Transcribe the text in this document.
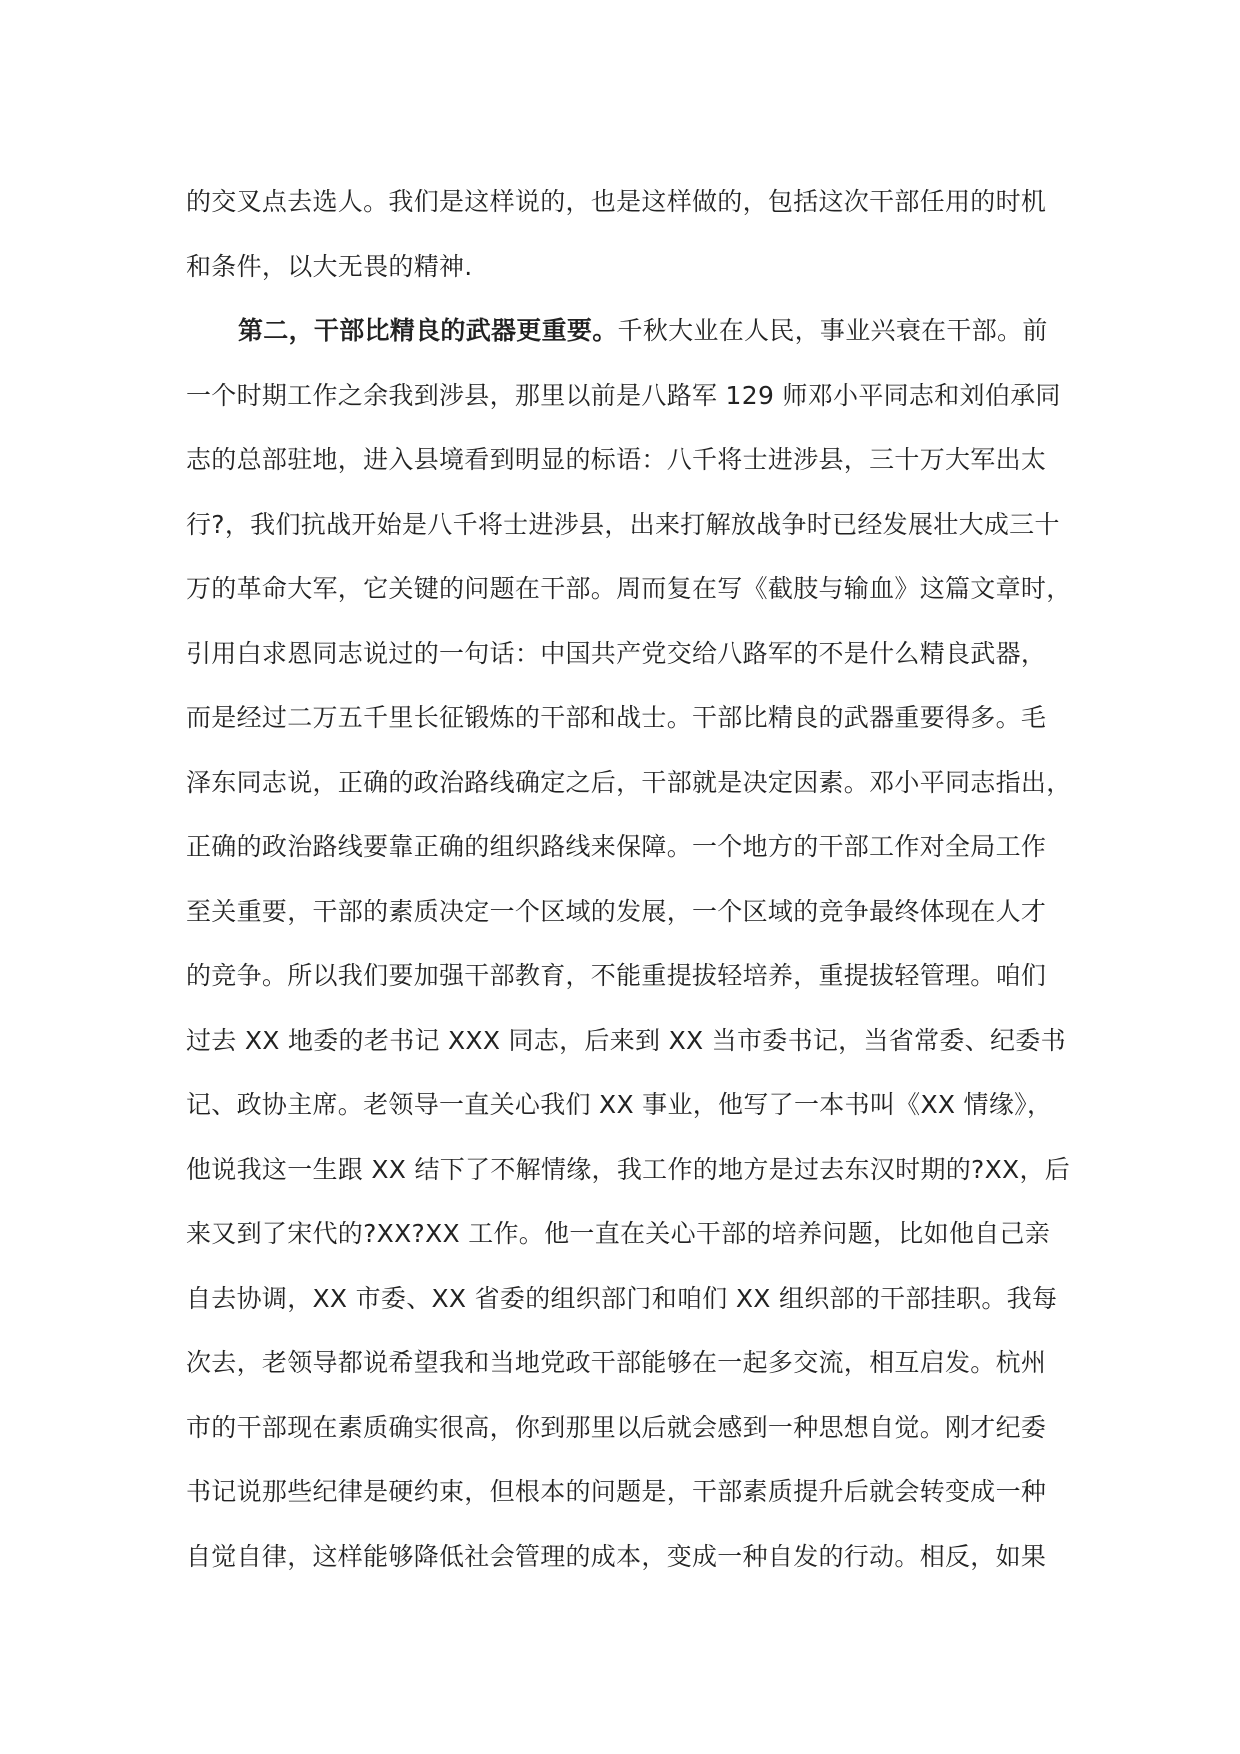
的交叉点去选人。我们是这样说的，也是这样做的，包括这次干部任用的时机
和条件，以大无畏的精神.
第二，干部比精良的武器更重要。千秋大业在人民，事业兴衰在干部。前
一个时期工作之余我到涉县，那里以前是八路军 129 师邓小平同志和刘伯承同
志的总部驻地，进入县境看到明显的标语：八千将士进涉县，三十万大军出太
行?，我们抗战开始是八千将士进涉县，出来打解放战争时已经发展壮大成三十
万的革命大军，它关键的问题在干部。周而复在写《截肢与输血》这篇文章时，
引用白求恩同志说过的一句话：中国共产党交给八路军的不是什么精良武器，
而是经过二万五千里长征锻炼的干部和战士。干部比精良的武器重要得多。毛
泽东同志说，正确的政治路线确定之后，干部就是决定因素。邓小平同志指出，
正确的政治路线要靠正确的组织路线来保障。一个地方的干部工作对全局工作
至关重要，干部的素质决定一个区域的发展，一个区域的竞争最终体现在人才
的竞争。所以我们要加强干部教育，不能重提拔轻培养，重提拔轻管理。咱们
过去 XX 地委的老书记 XXX 同志，后来到 XX 当市委书记，当省常委、纪委书
记、政协主席。老领导一直关心我们 XX 事业，他写了一本书叫《XX 情缘》，
他说我这一生跟 XX 结下了不解情缘，我工作的地方是过去东汉时期的?XX，后
来又到了宋代的?XX?XX 工作。他一直在关心干部的培养问题，比如他自己亲
自去协调，XX 市委、XX 省委的组织部门和咱们 XX 组织部的干部挂职。我每
次去，老领导都说希望我和当地党政干部能够在一起多交流，相互启发。杭州
市的干部现在素质确实很高，你到那里以后就会感到一种思想自觉。刚才纪委
书记说那些纪律是硬约束，但根本的问题是，干部素质提升后就会转变成一种
自觉自律，这样能够降低社会管理的成本，变成一种自发的行动。相反，如果
